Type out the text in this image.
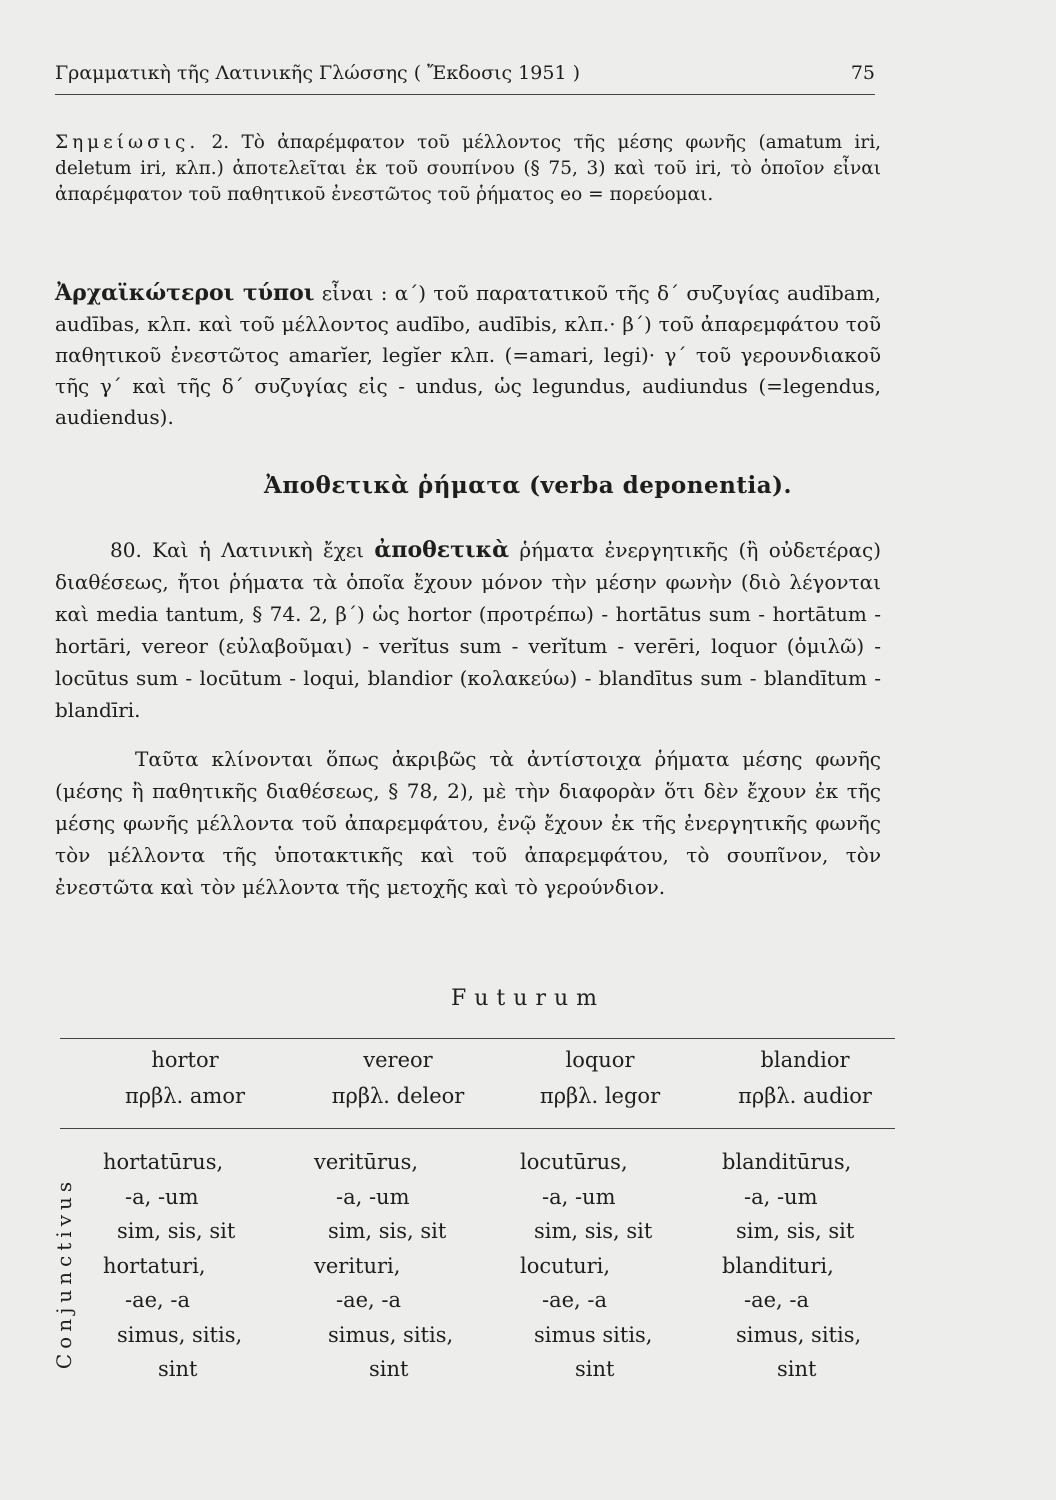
Γραμματικὴ τῆς Λατινικῆς Γλώσσης ( Ἔκδοσις 1951 )	75
Σημείωσις. 2. Τὸ ἀπαρέμφατον τοῦ μέλλοντος τῆς μέσης φωνῆς (amatum iri, deletum iri, κλπ.) ἀποτελεῖται ἐκ τοῦ σουπίνου (§ 75, 3) καὶ τοῦ iri, τὸ ὁποῖον εἶναι ἀπαρέμφατον τοῦ παθητικοῦ ἐνεστῶτος τοῦ ῥήματος eo = πορεύομαι.
Ἀρχαϊκώτεροι τύποι εἶναι : α΄) τοῦ παρατατικοῦ τῆς δ΄ συζυγίας audībam, audības, κλπ. καὶ τοῦ μέλλοντος audībo, audībis, κλπ.· β΄) τοῦ ἀπαρεμφάτου τοῦ παθητικοῦ ἐνεστῶτος amarĭer, legĭer κλπ. (=amari, legi)· γ΄ τοῦ γερουνδιακοῦ τῆς γ΄ καὶ τῆς δ΄ συζυγίας εἰς - undus, ὡς legundus, audiundus (=legendus, audiendus).
Ἀποθετικὰ ῥήματα (verba deponentia).
80. Καὶ ἡ Λατινικὴ ἔχει ἀποθετικὰ ῥήματα ἐνεργητικῆς (ἢ οὐδετέρας) διαθέσεως, ἤτοι ῥήματα τὰ ὁποῖα ἔχουν μόνον τὴν μέσην φωνὴν (διὸ λέγονται καὶ media tantum, § 74. 2, β΄) ὡς hortor (προτρέπω) - hortātus sum - hortātum - hortāri, vereor (εὐλαβοῦμαι) - verĭtus sum - verĭtum - verēri, loquor (ὁμιλῶ) - locūtus sum - locūtum - loqui, blandior (κολακεύω) - blandītus sum - blandītum - blandīri.
Ταῦτα κλίνονται ὅπως ἀκριβῶς τὰ ἀντίστοιχα ῥήματα μέσης φωνῆς (μέσης ἢ παθητικῆς διαθέσεως, § 78, 2), μὲ τὴν διαφορὰν ὅτι δὲν ἔχουν ἐκ τῆς μέσης φωνῆς μέλλοντα τοῦ ἀπαρεμφάτου, ἐνῷ ἔχουν ἐκ τῆς ἐνεργητικῆς φωνῆς τὸν μέλλοντα τῆς ὑποτακτικῆς καὶ τοῦ ἀπαρεμφάτου, τὸ σουπῖνον, τὸν ἐνεστῶτα καὶ τὸν μέλλοντα τῆς μετοχῆς καὶ τὸ γερούνδιον.
Futurum
hortor
πρβλ. amor
vereor
πρβλ. deleor
loquor
πρβλ. legor
blandior
πρβλ. audior
Conjunctivus
hortatūrus,
-a, -um
sim, sis, sit
hortaturi,
-ae, -a
simus, sitis,
sint
veritūrus,
-a, -um
sim, sis, sit
verituri,
-ae, -a
simus, sitis,
sint
locutūrus,
-a, -um
sim, sis, sit
locuturi,
-ae, -a
simus sitis,
sint
blanditūrus,
-a, -um
sim, sis, sit
blandituri,
-ae, -a
simus, sitis,
sint
